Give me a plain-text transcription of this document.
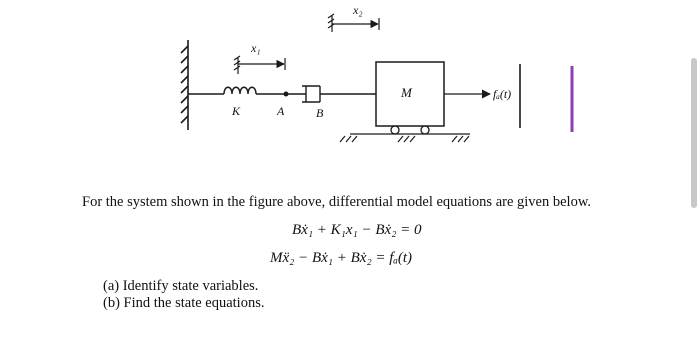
x₁
K	A	B
x₂
M	fₐ(t)
For the system shown in the figure above, differential model equations are given below.
Bẋ₁ + K₁x₁ − Bẋ₂ = 0
Mẍ₂ − Bẋ₁ + Bẋ₂ = fₐ(t)
(a) Identify state variables.
(b) Find the state equations.
